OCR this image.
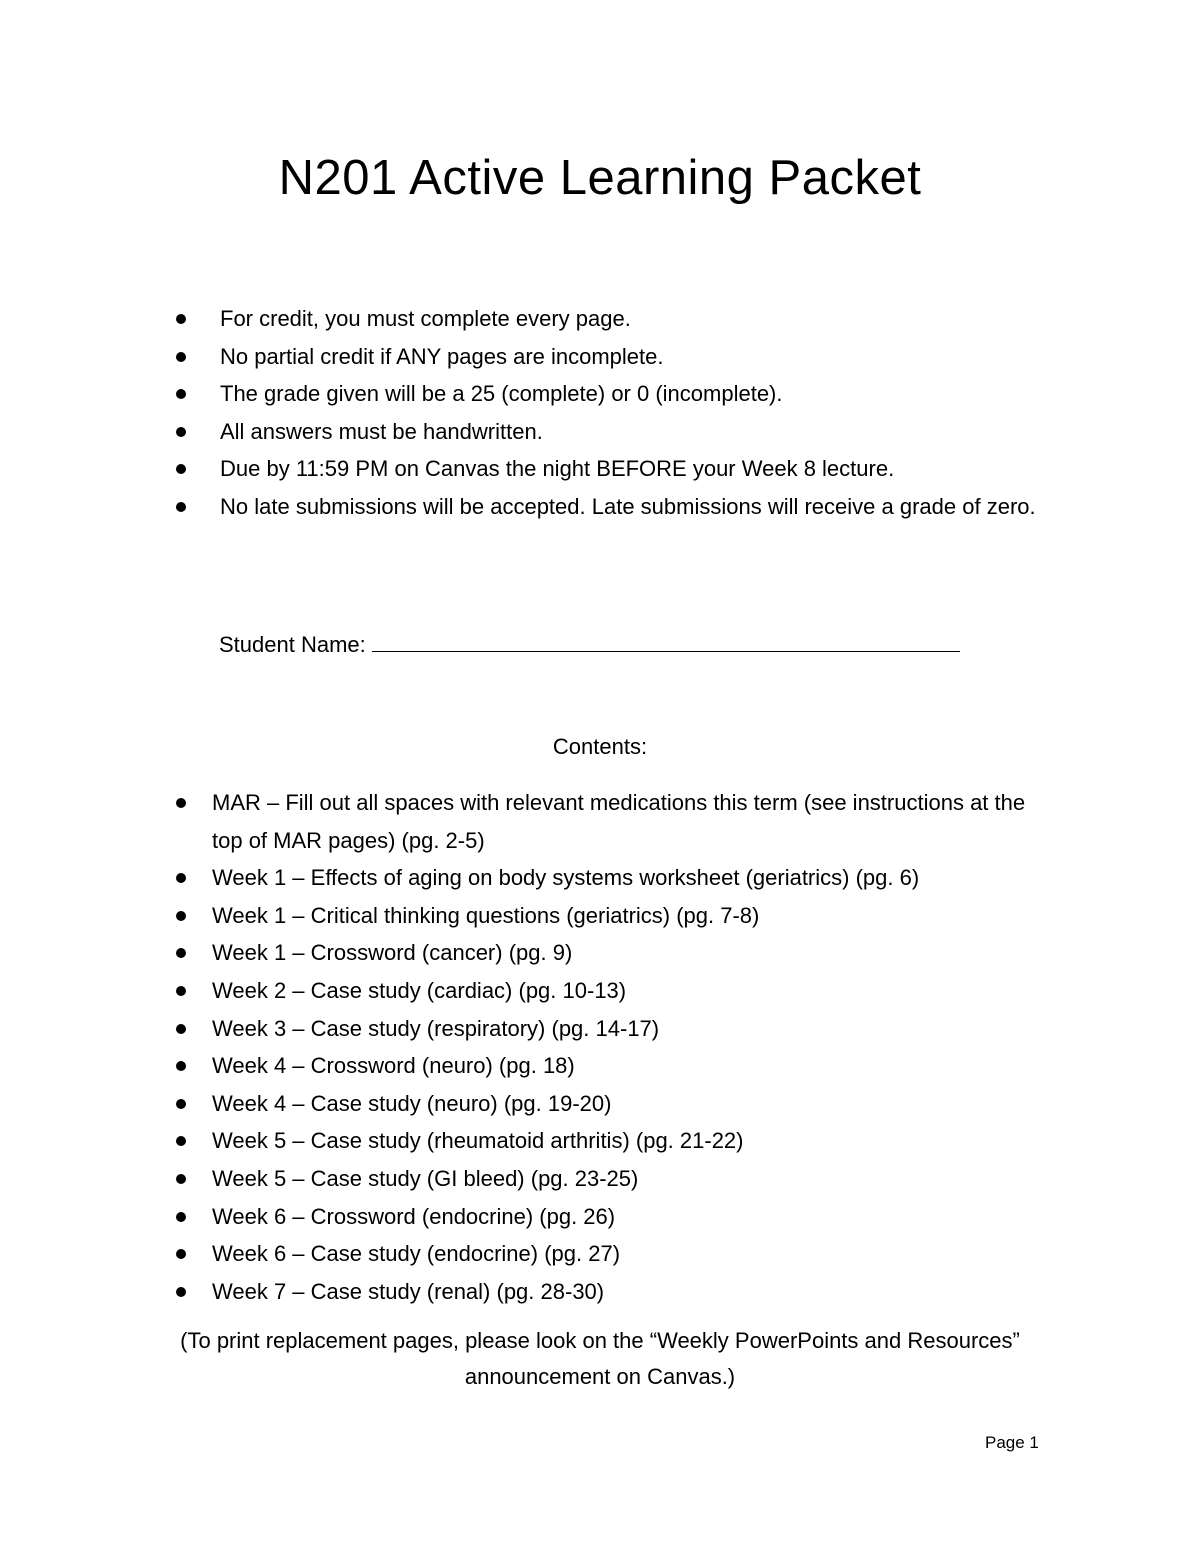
N201 Active Learning Packet
For credit, you must complete every page.
No partial credit if ANY pages are incomplete.
The grade given will be a 25 (complete) or 0 (incomplete).
All answers must be handwritten.
Due by 11:59 PM on Canvas the night BEFORE your Week 8 lecture.
No late submissions will be accepted. Late submissions will receive a grade of zero.
Student Name:
Contents:
MAR – Fill out all spaces with relevant medications this term (see instructions at the top of MAR pages) (pg. 2-5)
Week 1 – Effects of aging on body systems worksheet (geriatrics) (pg. 6)
Week 1 – Critical thinking questions (geriatrics) (pg. 7-8)
Week 1 – Crossword (cancer) (pg. 9)
Week 2 – Case study (cardiac) (pg. 10-13)
Week 3 – Case study (respiratory) (pg. 14-17)
Week 4 – Crossword (neuro) (pg. 18)
Week 4 – Case study (neuro) (pg. 19-20)
Week 5 – Case study (rheumatoid arthritis) (pg. 21-22)
Week 5 – Case study (GI bleed) (pg. 23-25)
Week 6 – Crossword (endocrine) (pg. 26)
Week 6 – Case study (endocrine) (pg. 27)
Week 7 – Case study (renal) (pg. 28-30)
(To print replacement pages, please look on the “Weekly PowerPoints and Resources” announcement on Canvas.)
Page 1
